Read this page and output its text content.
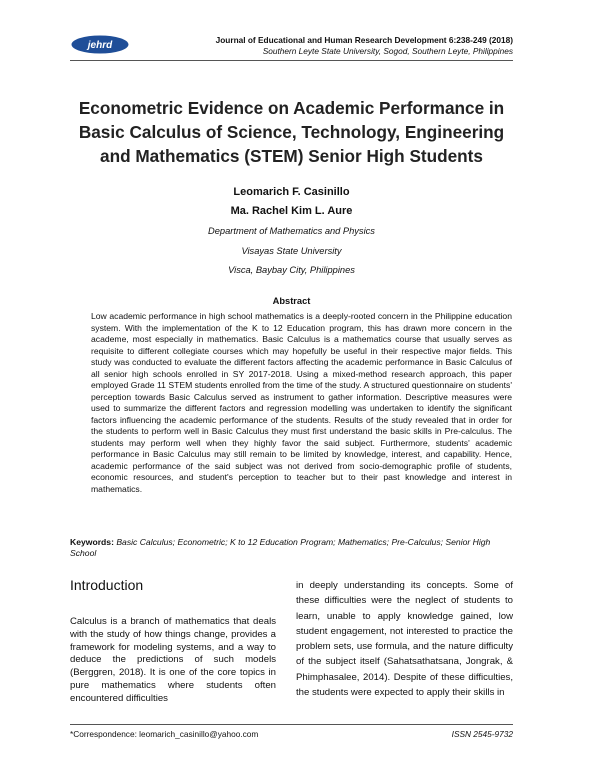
jehrd	Journal of Educational and Human Research Development 6:238-249 (2018)
Southern Leyte State University, Sogod, Southern Leyte, Philippines
Econometric Evidence on Academic Performance in
Basic Calculus of Science, Technology, Engineering
and Mathematics (STEM) Senior High Students
Leomarich F. Casinillo
Ma. Rachel Kim L. Aure
Department of Mathematics and Physics
Visayas State University
Visca, Baybay City, Philippines
Abstract
Low academic performance in high school mathematics is a deeply-rooted concern in the Philippine education system. With the implementation of the K to 12 Education program, this has drawn more concern in the academe, most especially in mathematics. Basic Calculus is a mathematics course that usually serves as requisite to different collegiate courses which may hopefully be useful in their respective major fields. This study was conducted to evaluate the different factors affecting the academic performance in Basic Calculus of all senior high schools enrolled in SY 2017-2018. Using a mixed-method research approach, this paper employed Grade 11 STEM students enrolled from the time of the study. A structured questionnaire on students' perception towards Basic Calculus served as instrument to gather information. Descriptive measures were used to summarize the different factors and regression modelling was undertaken to identify the significant factors influencing the academic performance of the students. Results of the study revealed that in order for the students to perform well in Basic Calculus they must first understand the basic skills in Pre-calculus. The students may perform well when they highly favor the said subject. Furthermore, students' academic performance in Basic Calculus may still remain to be limited by knowledge, interest, and capability. Hence, academic performance of the said subject was not derived from socio-demographic profile of students, economic resources, and student's perception to teacher but to their past knowledge and interest in mathematics.
Keywords: Basic Calculus; Econometric; K to 12 Education Program; Mathematics; Pre-Calculus; Senior High School
Introduction
Calculus is a branch of mathematics that deals with the study of how things change, provides a framework for modeling systems, and a way to deduce the predictions of such models (Berggren, 2018). It is one of the core topics in pure mathematics where students often encountered difficulties
in deeply understanding its concepts. Some of these difficulties were the neglect of students to learn, unable to apply knowledge gained, low student engagement, not interested to practice the problem sets, use formula, and the nature difficulty of the subject itself (Sahatsathatsana, Jongrak, & Phimphasalee, 2014). Despite of these difficulties, the students were expected to apply their skills in
*Correspondence: leomarich_casinillo@yahoo.com	ISSN 2545-9732
